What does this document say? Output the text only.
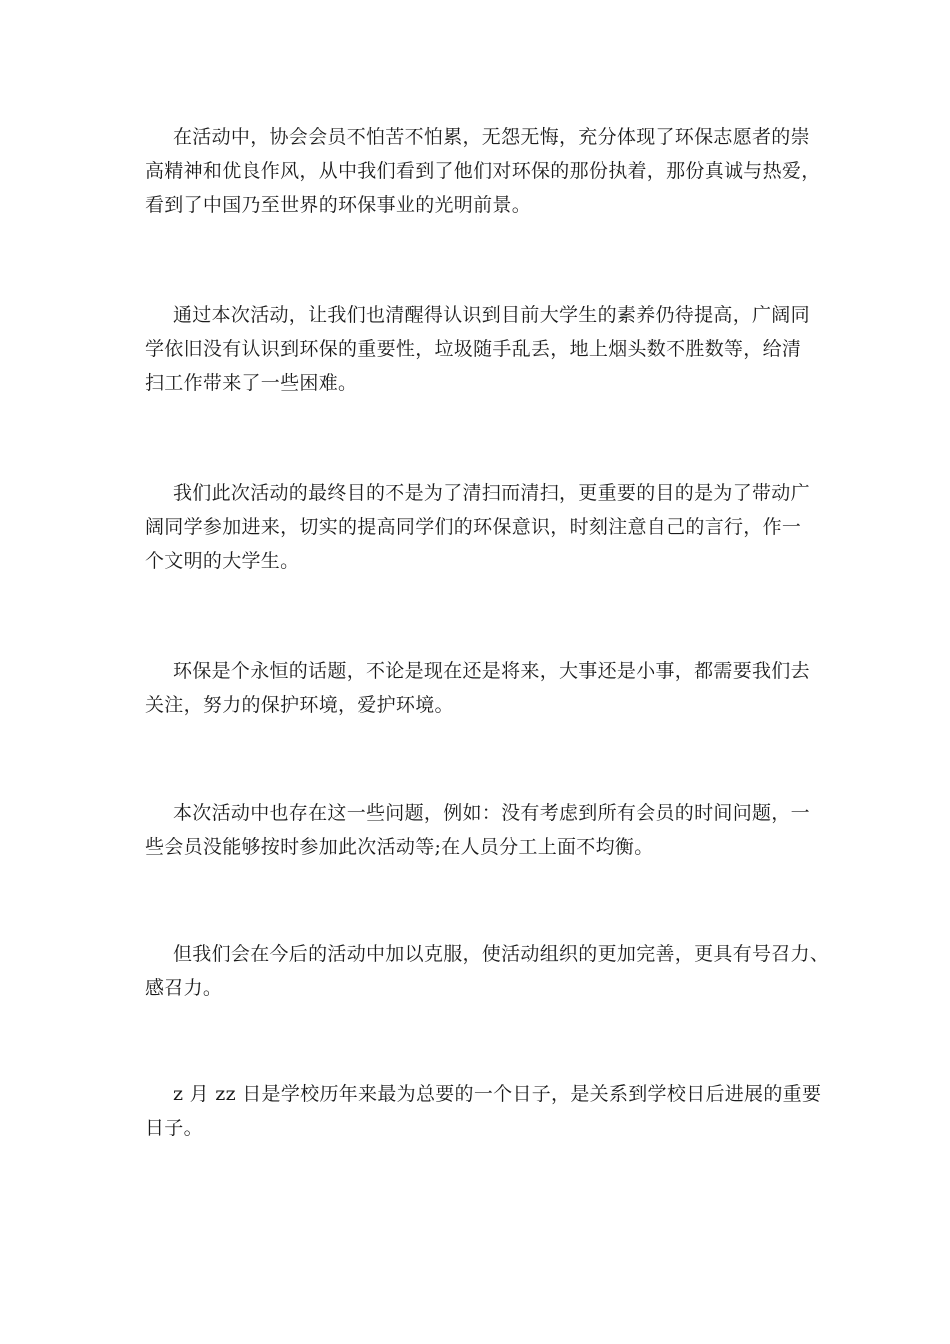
在活动中，协会会员不怕苦不怕累，无怨无悔，充分体现了环保志愿者的崇
高精神和优良作风，从中我们看到了他们对环保的那份执着，那份真诚与热爱，
看到了中国乃至世界的环保事业的光明前景。

通过本次活动，让我们也清醒得认识到目前大学生的素养仍待提高，广阔同
学依旧没有认识到环保的重要性，垃圾随手乱丢，地上烟头数不胜数等，给清
扫工作带来了一些困难。

我们此次活动的最终目的不是为了清扫而清扫，更重要的目的是为了带动广
阔同学参加进来，切实的提高同学们的环保意识，时刻注意自己的言行，作一
个文明的大学生。

环保是个永恒的话题，不论是现在还是将来，大事还是小事，都需要我们去
关注，努力的保护环境，爱护环境。

本次活动中也存在这一些问题，例如：没有考虑到所有会员的时间问题，一
些会员没能够按时参加此次活动等;在人员分工上面不均衡。

但我们会在今后的活动中加以克服，使活动组织的更加完善，更具有号召力、
感召力。

z 月 zz 日是学校历年来最为总要的一个日子，是关系到学校日后进展的重要
日子。
